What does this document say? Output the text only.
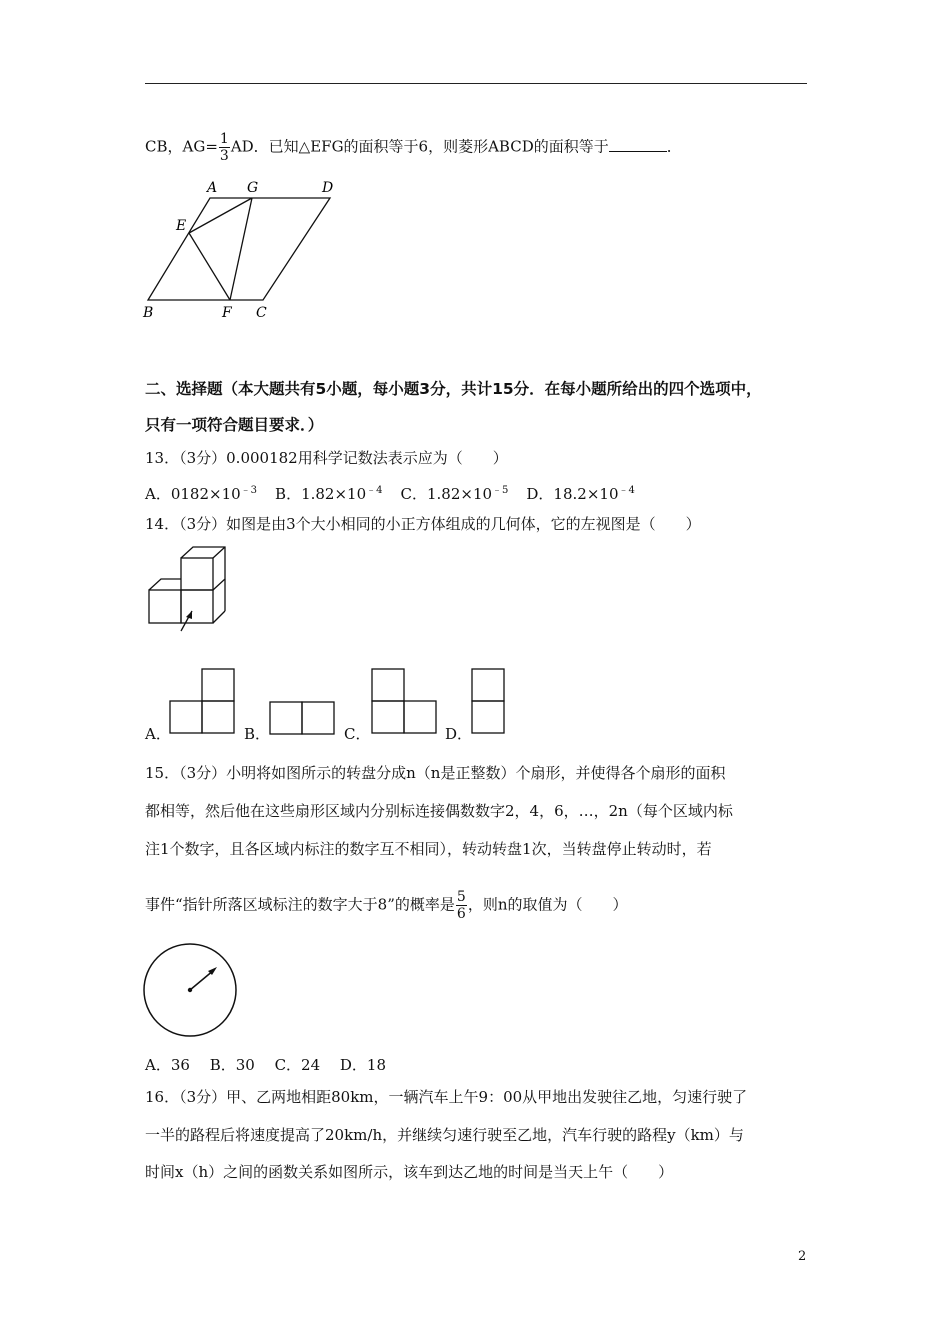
CB，$AG= \frac{1}{3}$ AD．已知△EFG的面积等于6，则菱形ABCD的面积等于	．
A G	D
E
B	F C
二、选择题（本大题共有5小题，每小题3分，共计15分．在每小题所给出的四个选项中，
只有一项符合题目要求．）
13．（3分）0.000182用科学记数法表示应为（　　）
A．$0182\times 10^{﹣3}$ B．$1.82\times 10^{﹣4}$ C．$1.82\times 10^{﹣5}$ D．$18.2\times 10^{﹣4}$
14．（3分）如图是由3个大小相同的小正方体组成的几何体，它的左视图是（　　）
A．	B．	C．	D．
15．（3分）小明将如图所示的转盘分成n（n是正整数）个扇形，并使得各个扇形的面积
都相等，然后他在这些扇形区域内分别标连接偶数数字2，4，6，…，2n（每个区域内标
注1个数字，且各区域内标注的数字互不相同），转动转盘1次，当转盘停止转动时，若
事件“指针所落区域标注的数字大于8”的概率是 $\frac{5}{6}$ ，则n的取值为（　　）
A．36　 B．30　 C．24　 D．18
16．（3分）甲、乙两地相距80km，一辆汽车上午9：00从甲地出发驶往乙地，匀速行驶了
一半的路程后将速度提高了20km/h，并继续匀速行驶至乙地，汽车行驶的路程y（km）与
时间x（h）之间的函数关系如图所示，该车到达乙地的时间是当天上午（　　）
2
